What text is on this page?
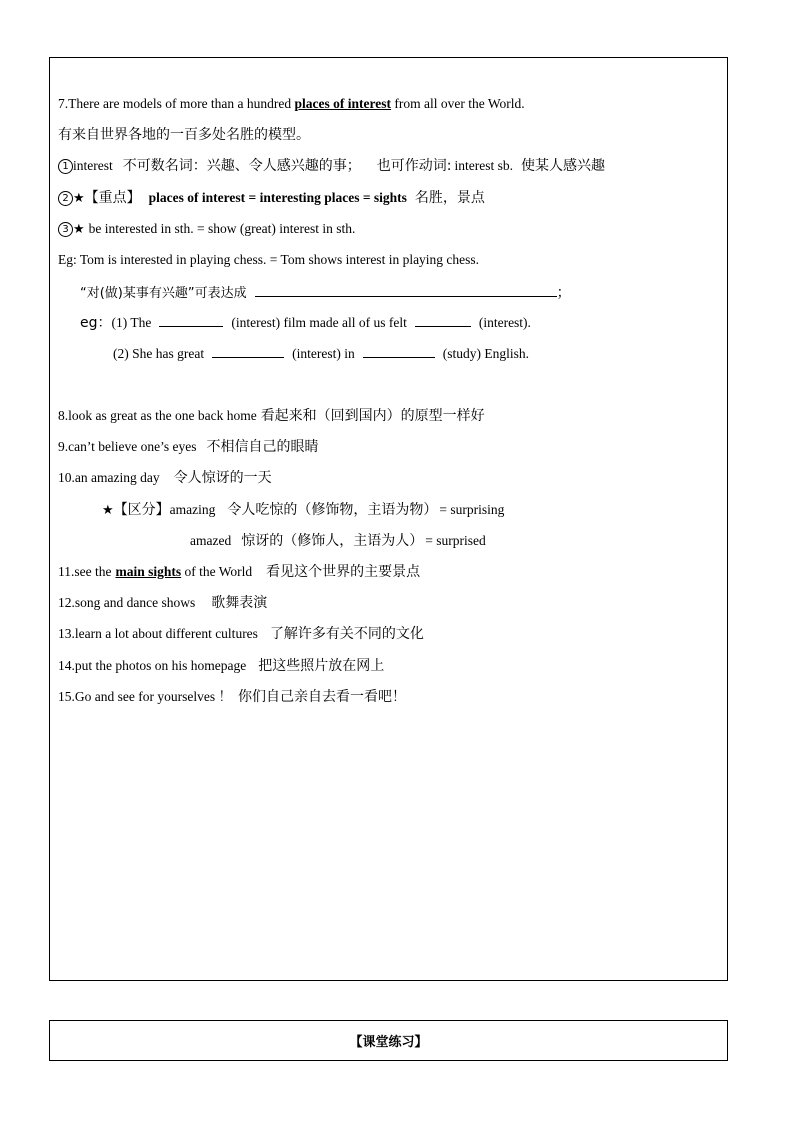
7.There are models of more than a hundred places of interest from all over the World.
有来自世界各地的一百多处名胜的模型。
1 interest 不可数名词：兴趣、令人感兴趣的事； 也可作动词: interest sb. 使某人感兴趣
2 ★【重点】 places of interest = interesting places = sights 名胜，景点
3 ★ be interested in sth. = show (great) interest in sth.
Eg: Tom is interested in playing chess. = Tom shows interest in playing chess.
“对(做)某事有兴趣”可表达成	；
eg：(1) The	(interest) film made all of us felt	(interest).
(2) She has great	(interest) in	(study) English.
8.look as great as the one back home 看起来和（回到国内）的原型一样好
9.can’t believe one’s eyes 不相信自己的眼睛
10.an amazing day 令人惊讶的一天
★【区分】amazing 令人吃惊的（修饰物，主语为物） = surprising
amazed 惊讶的（修饰人，主语为人） = surprised
11.see the main sights of the World 看见这个世界的主要景点
12.song and dance shows 歌舞表演
13.learn a lot about different cultures 了解许多有关不同的文化
14.put the photos on his homepage 把这些照片放在网上
15.Go and see for yourselves ！ 你们自己亲自去看一看吧！
【课堂练习】
